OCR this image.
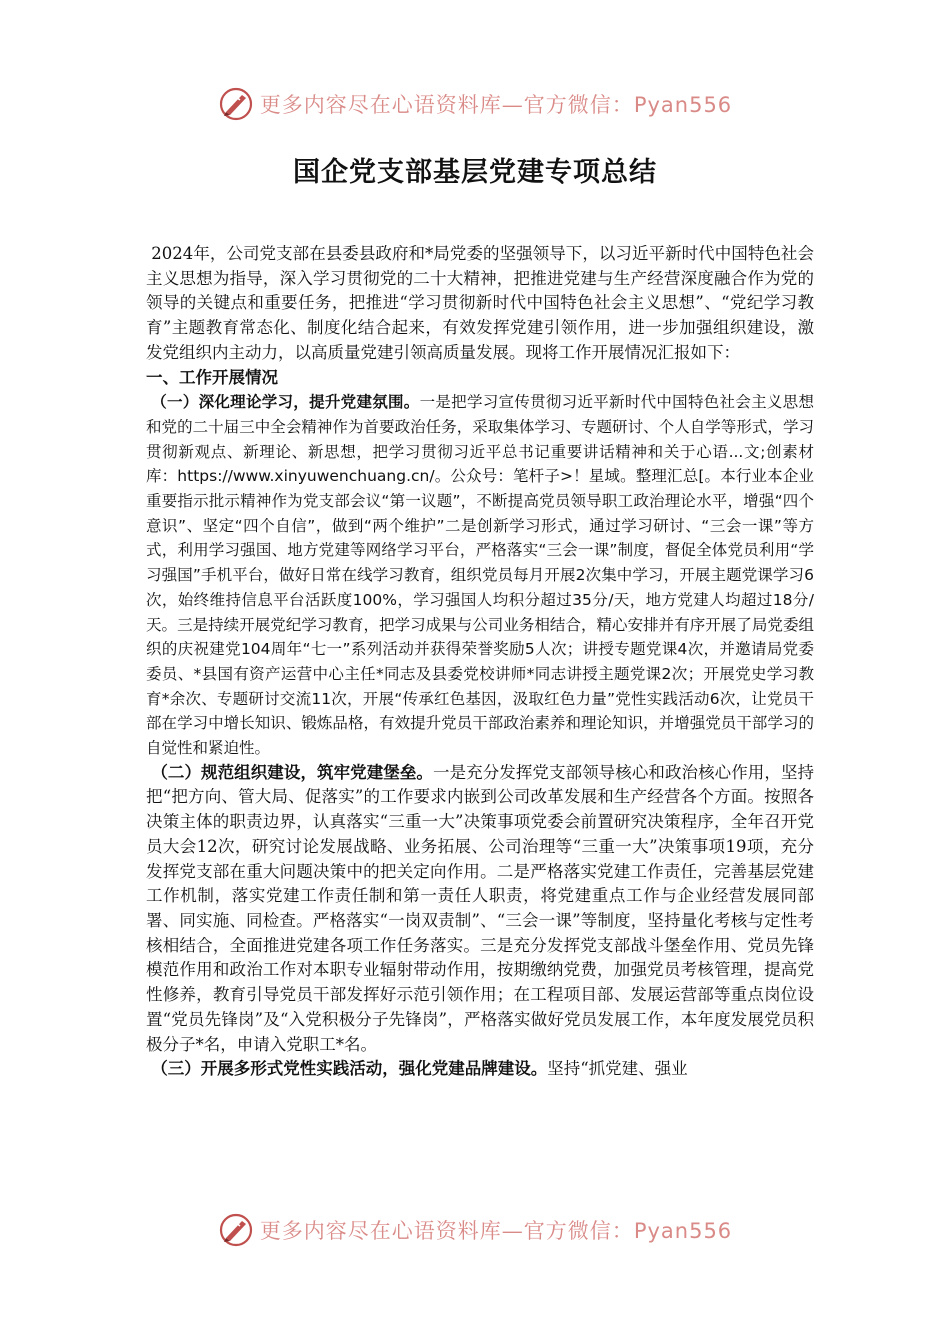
更多内容尽在心语资料库—官方微信：Pyan556
国企党支部基层党建专项总结

2024年，公司党支部在县委县政府和*局党委的坚强领导下，以习近平新时代中国特色社会主义思想为指导，深入学习贯彻党的二十大精神，把推进党建与生产经营深度融合作为党的领导的关键点和重要任务，把推进“学习贯彻新时代中国特色社会主义思想”、“党纪学习教育”主题教育常态化、制度化结合起来，有效发挥党建引领作用，进一步加强组织建设，激发党组织内主动力，以高质量党建引领高质量发展。现将工作开展情况汇报如下：

一、工作开展情况

（一）深化理论学习，提升党建氛围。一是把学习宣传贯彻习近平新时代中国特色社会主义思想和党的二十届三中全会精神作为首要政治任务，采取集体学习、专题研讨、个人自学等形式，学习贯彻新观点、新理论、新思想，把学习贯彻习近平总书记重要讲话精神和关于心语...文;创素材库：https://www.xinyuwenchuang.cn/。公众号：笔杆子>！星域。整理汇总[。本行业本企业重要指示批示精神作为党支部会议“第一议题”，不断提高党员领导职工政治理论水平，增强“四个意识”、坚定“四个自信”，做到“两个维护”二是创新学习形式，通过学习研讨、“三会一课”等方式，利用学习强国、地方党建等网络学习平台，严格落实“三会一课”制度，督促全体党员利用“学习强国”手机平台，做好日常在线学习教育，组织党员每月开展2次集中学习，开展主题党课学习6次，始终维持信息平台活跃度100%，学习强国人均积分超过35分/天，地方党建人均超过18分/天。三是持续开展党纪学习教育，把学习成果与公司业务相结合，精心安排并有序开展了局党委组织的庆祝建党104周年“七一”系列活动并获得荣誉奖励5人次；讲授专题党课4次，并邀请局党委委员、*县国有资产运营中心主任*同志及县委党校讲师*同志讲授主题党课2次；开展党史学习教育*余次、专题研讨交流11次，开展“传承红色基因，汲取红色力量”党性实践活动6次，让党员干部在学习中增长知识、锻炼品格，有效提升党员干部政治素养和理论知识，并增强党员干部学习的自觉性和紧迫性。

（二）规范组织建设，筑牢党建堡垒。一是充分发挥党支部领导核心和政治核心作用，坚持把“把方向、管大局、促落实”的工作要求内嵌到公司改革发展和生产经营各个方面。按照各决策主体的职责边界，认真落实“三重一大”决策事项党委会前置研究决策程序，全年召开党员大会12次，研究讨论发展战略、业务拓展、公司治理等“三重一大”决策事项19项，充分发挥党支部在重大问题决策中的把关定向作用。二是严格落实党建工作责任，完善基层党建工作机制，落实党建工作责任制和第一责任人职责，将党建重点工作与企业经营发展同部署、同实施、同检查。严格落实“一岗双责制”、“三会一课”等制度，坚持量化考核与定性考核相结合，全面推进党建各项工作任务落实。三是充分发挥党支部战斗堡垒作用、党员先锋模范作用和政治工作对本职专业辐射带动作用，按期缴纳党费，加强党员考核管理，提高党性修养，教育引导党员干部发挥好示范引领作用；在工程项目部、发展运营部等重点岗位设置“党员先锋岗”及“入党积极分子先锋岗”，严格落实做好党员发展工作，本年度发展党员积极分子*名，申请入党职工*名。

（三）开展多形式党性实践活动，强化党建品牌建设。坚持“抓党建、强业

更多内容尽在心语资料库—官方微信：Pyan556
